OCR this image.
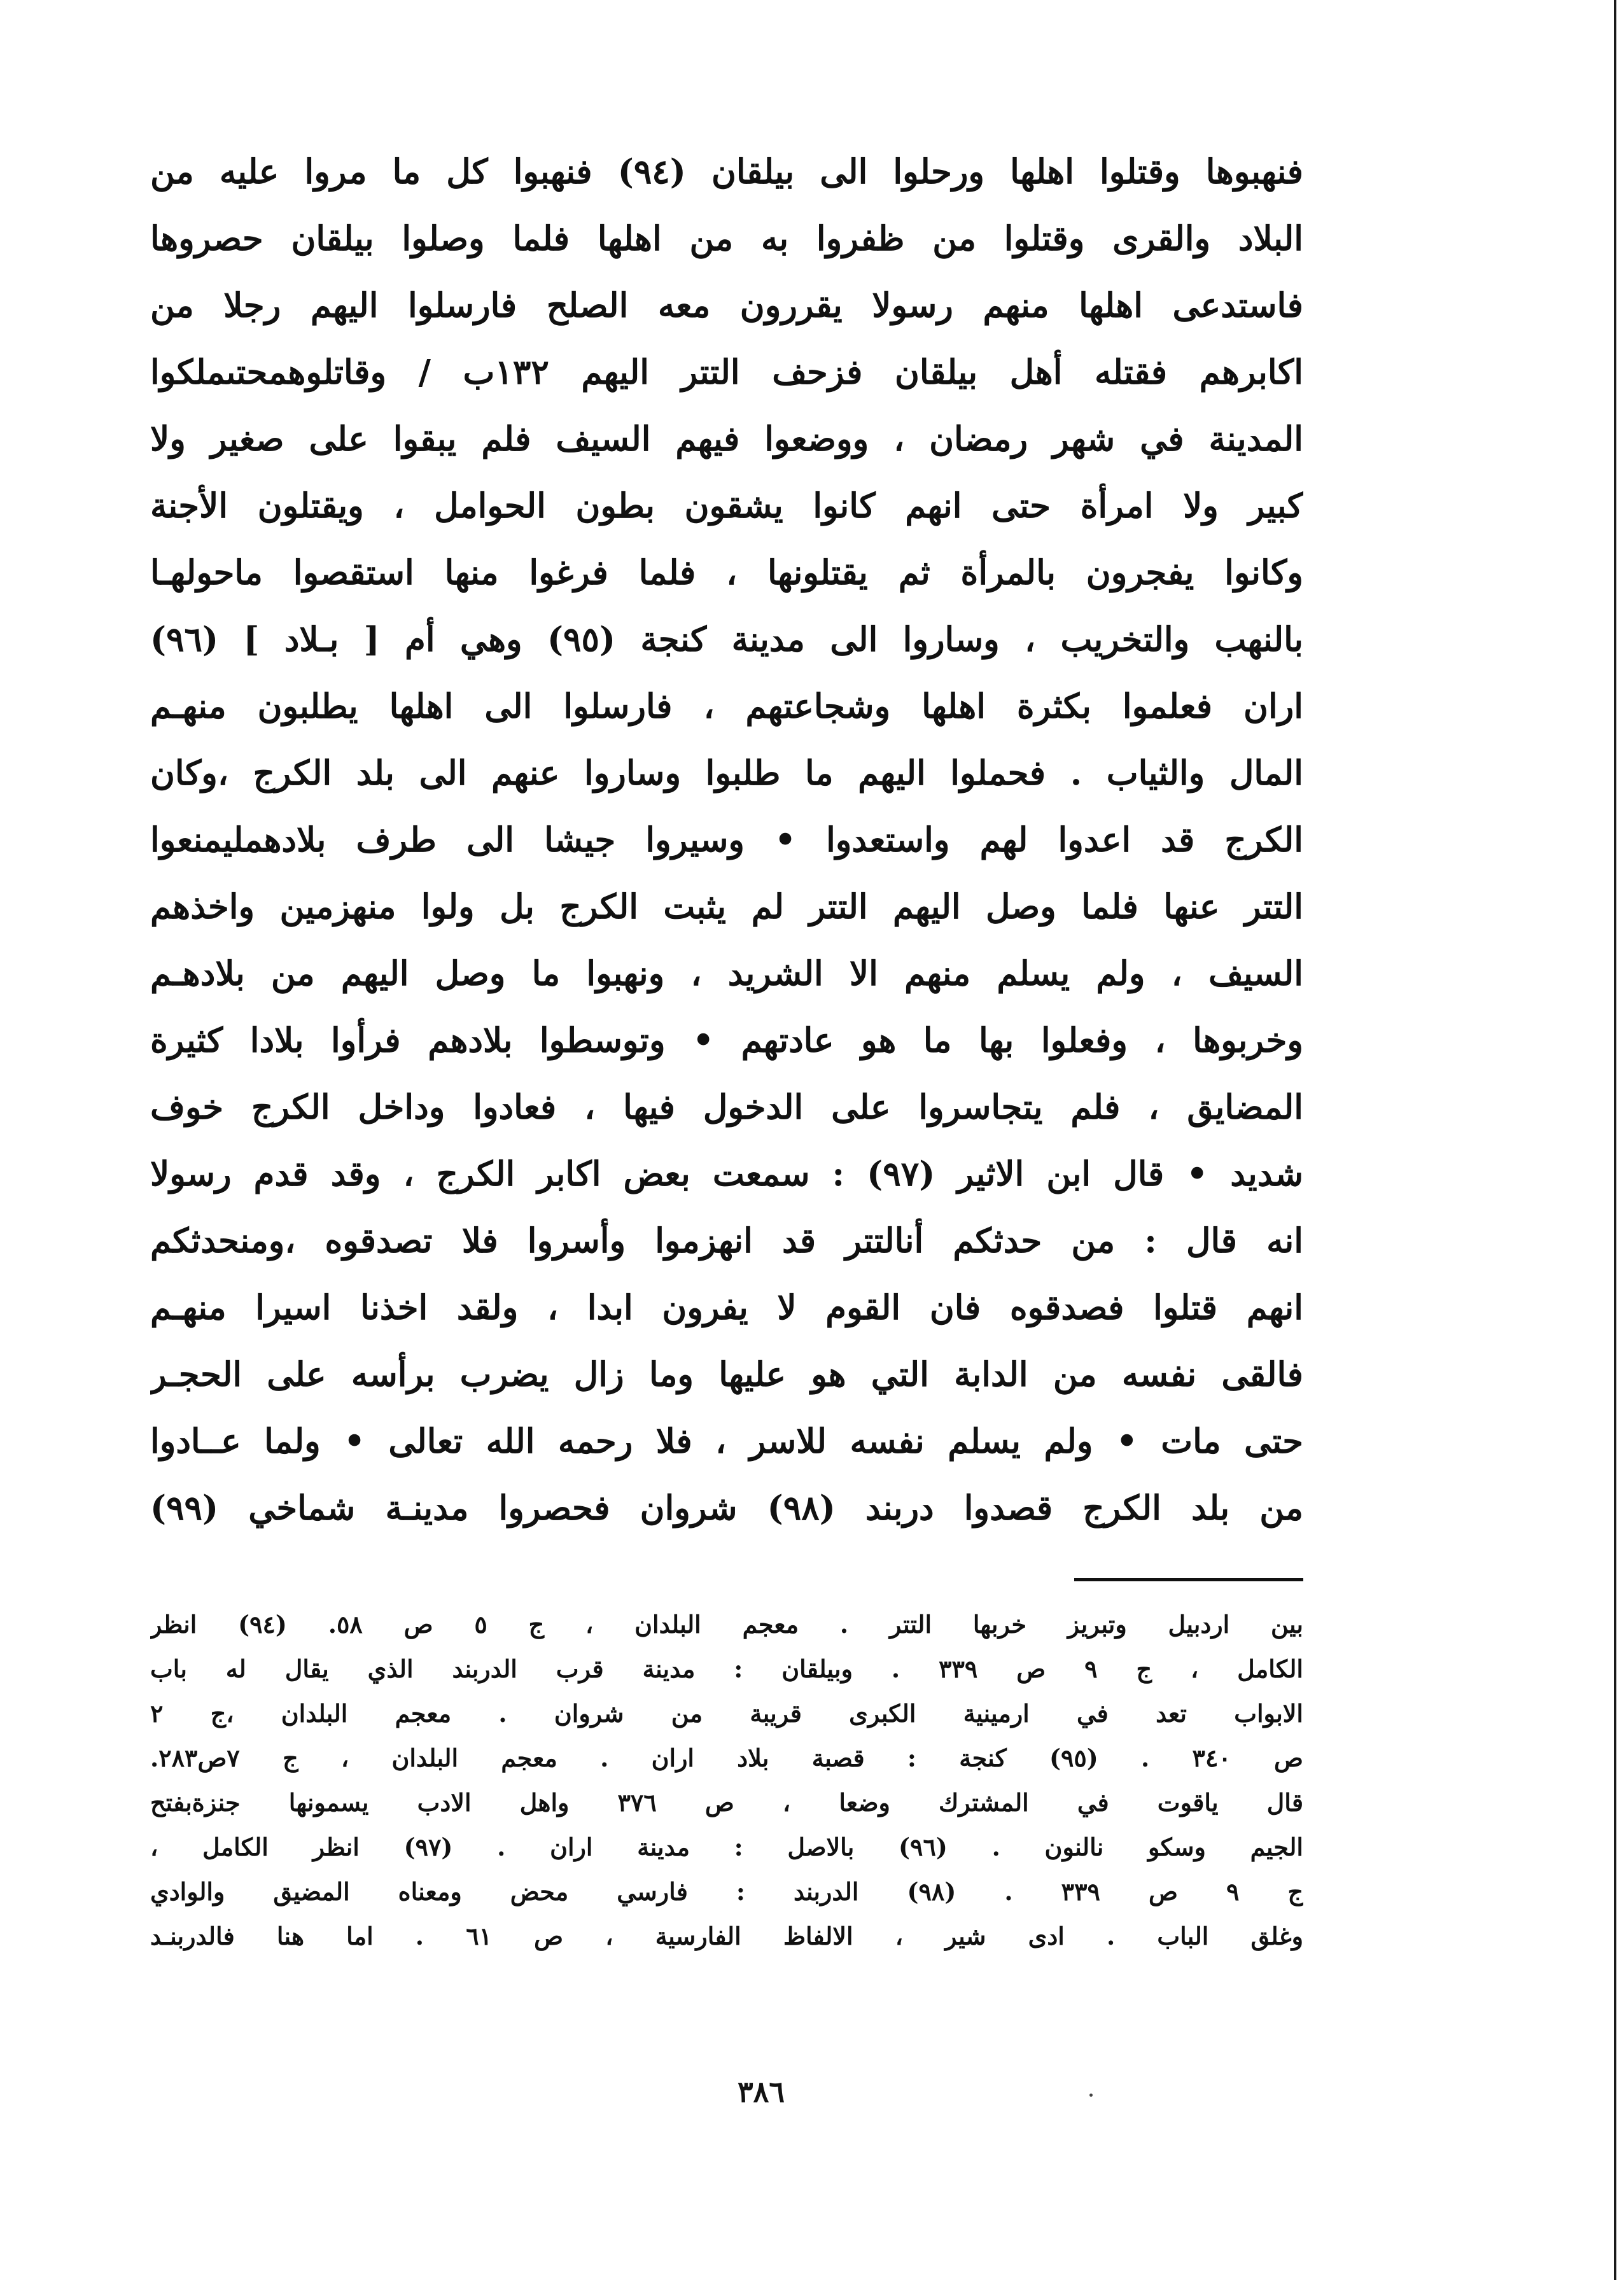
فنهبوها وقتلوا اهلها ورحلوا الى بيلقان (٩٤) فنهبوا كل ما مروا عليه من
البلاد والقرى وقتلوا من ظفروا به من اهلها فلما وصلوا بيلقان حصروها
فاستدعى اهلها منهم رسولا يقررون معه الصلح فارسلوا اليهم رجلا من
اكابرهم فقتله أهل بيلقان فزحف التتر اليهم ١٣٢ب / وقاتلوهمحتىملكوا
المدينة في شهر رمضان ، ووضعوا فيهم السيف فلم يبقوا على صغير ولا
كبير ولا امرأة حتى انهم كانوا يشقون بطون الحوامل ، ويقتلون الأجنة
وكانوا يفجرون بالمرأة ثم يقتلونها ، فلما فرغوا منها استقصوا ماحولهـا
بالنهب والتخريب ، وساروا الى مدينة كنجة (٩٥) وهي أم [ بـلاد ] (٩٦)
اران فعلموا بكثرة اهلها وشجاعتهم ، فارسلوا الى اهلها يطلبون منهـم
المال والثياب . فحملوا اليهم ما طلبوا وساروا عنهم الى بلد الكرج ،وكان
الكرج قد اعدوا لهم واستعدوا • وسيروا جيشا الى طرف بلادهمليمنعوا
التتر عنها فلما وصل اليهم التتر لم يثبت الكرج بل ولوا منهزمين واخذهم
السيف ، ولم يسلم منهم الا الشريد ، ونهبوا ما وصل اليهم من بلادهـم
وخربوها ، وفعلوا بها ما هو عادتهم • وتوسطوا بلادهم فرأوا بلادا كثيرة
المضايق ، فلم يتجاسروا على الدخول فيها ، فعادوا وداخل الكرج خوف
شديد • قال ابن الاثير (٩٧) : سمعت بعض اكابر الكرج ، وقد قدم رسولا
انه قال : من حدثكم أنالتتر قد انهزموا وأسروا فلا تصدقوه ،ومنحدثكم
انهم قتلوا فصدقوه فان القوم لا يفرون ابدا ، ولقد اخذنا اسيرا منهـم
فالقى نفسه من الدابة التي هو عليها وما زال يضرب برأسه على الحجـر
حتى مات • ولم يسلم نفسه للاسر ، فلا رحمه الله تعالى • ولما عــادوا
من بلد الكرج قصدوا دربند (٩٨) شروان فحصروا مدينـة شماخي (٩٩)
بين اردبيل وتبريز خربها التتر . معجم البلدان ، ج ٥ ص ٥٨. (٩٤) انظر
الكامل ، ج ٩ ص ٣٣٩ . وبيلقان : مدينة قرب الدربند الذي يقال له باب
الابواب تعد في ارمينية الكبرى قريبة من شروان . معجم البلدان ،ج ٢
ص ٣٤٠ . (٩٥) كنجة : قصبة بلاد اران . معجم البلدان ، ج ٧ص٢٨٣.
قال ياقوت في المشترك وضعا ، ص ٣٧٦ واهل الادب يسمونها جنزةبفتح
الجيم وسكو نالنون . (٩٦) بالاصل : مدينة اران . (٩٧) انظر الكامل ،
ج ٩ ص ٣٣٩ . (٩٨) الدربند : فارسي محض ومعناه المضيق والوادي
وغلق الباب . ادى شير ، الالفاظ الفارسية ، ص ٦١ . اما هنا فالدربنـد
٣٨٦
